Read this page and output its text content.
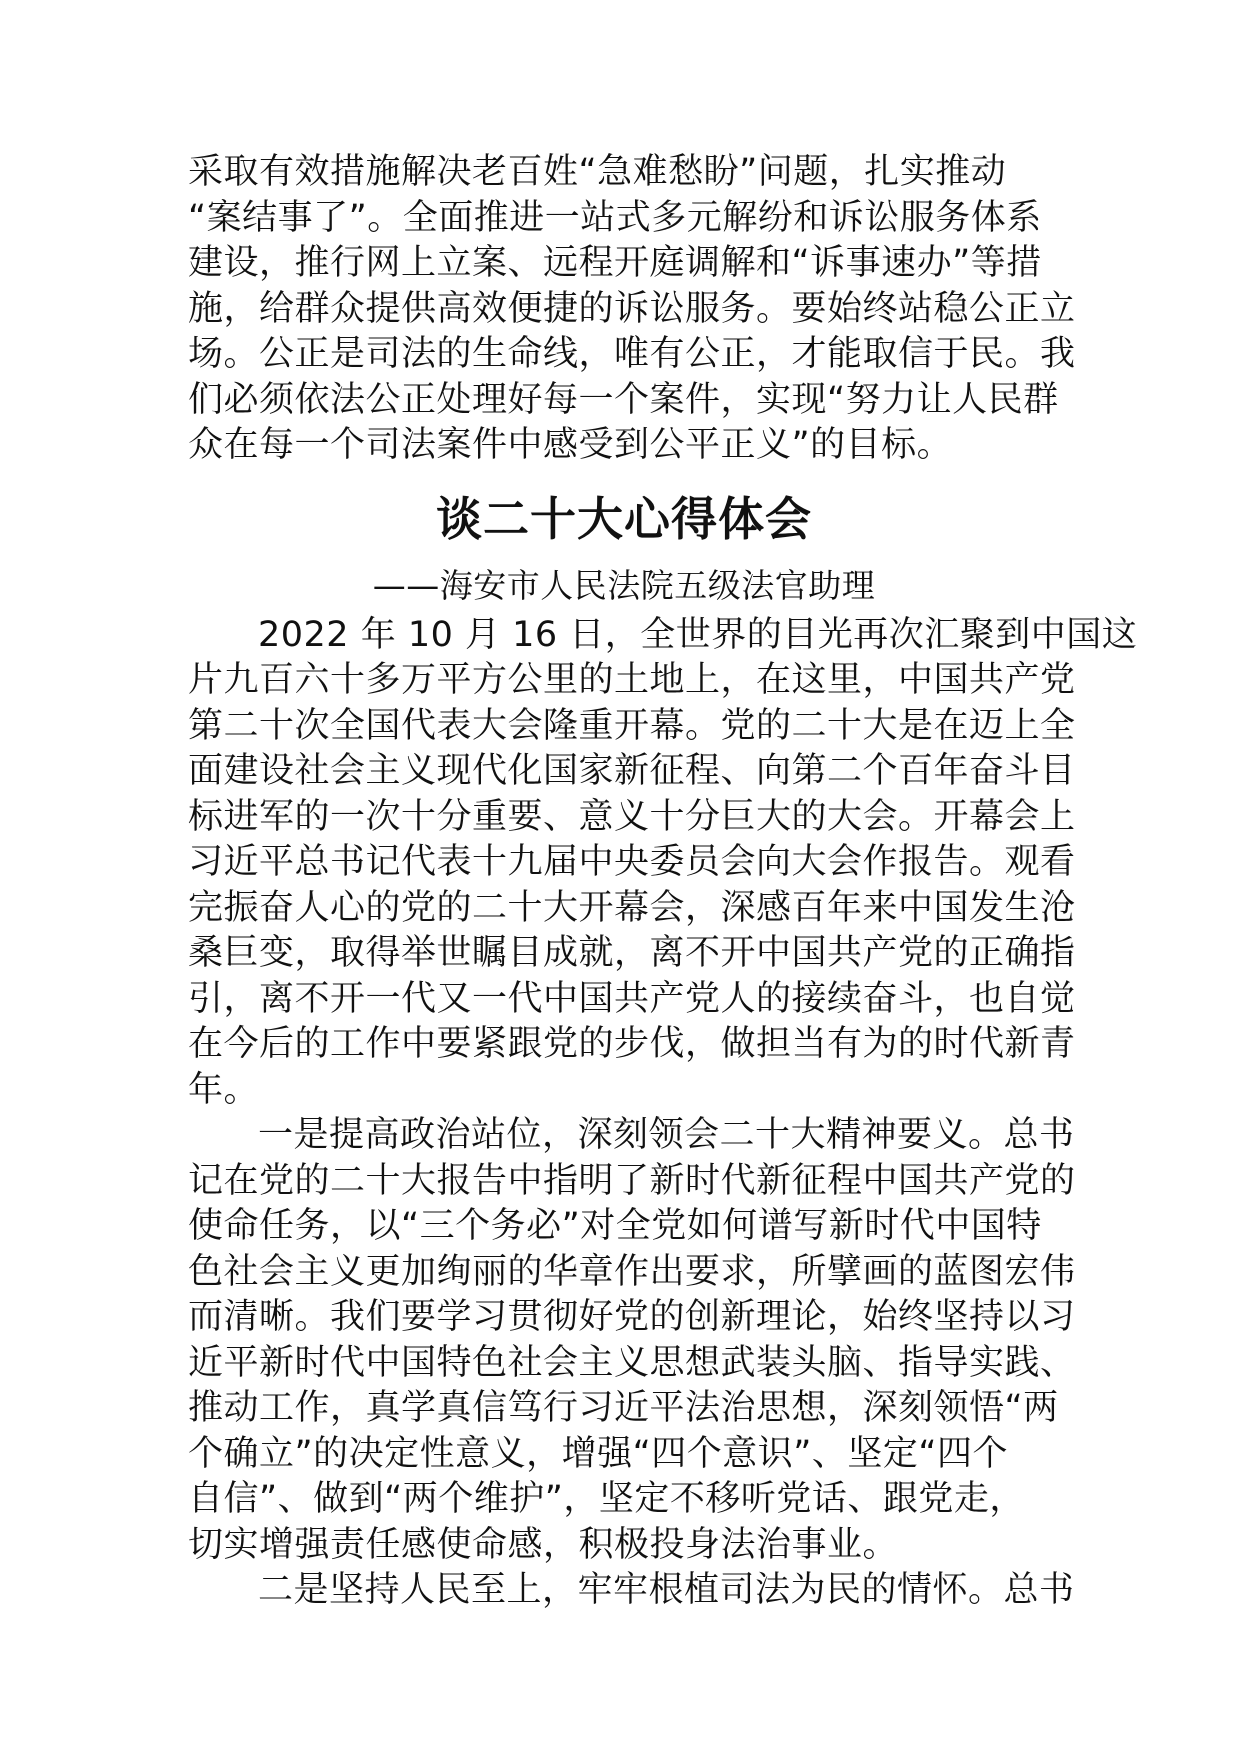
采取有效措施解决老百姓“急难愁盼”问题，扎实推动
“案结事了”。全面推进一站式多元解纷和诉讼服务体系
建设，推行网上立案、远程开庭调解和“诉事速办”等措
施，给群众提供高效便捷的诉讼服务。要始终站稳公正立
场。公正是司法的生命线，唯有公正，才能取信于民。我
们必须依法公正处理好每一个案件，实现“努力让人民群
众在每一个司法案件中感受到公平正义”的目标。
谈二十大心得体会
——海安市人民法院五级法官助理
2022 年 10 月 16 日，全世界的目光再次汇聚到中国这
片九百六十多万平方公里的土地上，在这里，中国共产党
第二十次全国代表大会隆重开幕。党的二十大是在迈上全
面建设社会主义现代化国家新征程、向第二个百年奋斗目
标进军的一次十分重要、意义十分巨大的大会。开幕会上
习近平总书记代表十九届中央委员会向大会作报告。观看
完振奋人心的党的二十大开幕会，深感百年来中国发生沧
桑巨变，取得举世瞩目成就，离不开中国共产党的正确指
引，离不开一代又一代中国共产党人的接续奋斗，也自觉
在今后的工作中要紧跟党的步伐，做担当有为的时代新青
年。
一是提高政治站位，深刻领会二十大精神要义。总书
记在党的二十大报告中指明了新时代新征程中国共产党的
使命任务，以“三个务必”对全党如何谱写新时代中国特
色社会主义更加绚丽的华章作出要求，所擘画的蓝图宏伟
而清晰。我们要学习贯彻好党的创新理论，始终坚持以习
近平新时代中国特色社会主义思想武装头脑、指导实践、
推动工作，真学真信笃行习近平法治思想，深刻领悟“两
个确立”的决定性意义，增强“四个意识”、坚定“四个
自信”、做到“两个维护”，坚定不移听党话、跟党走，
切实增强责任感使命感，积极投身法治事业。
二是坚持人民至上，牢牢根植司法为民的情怀。总书
